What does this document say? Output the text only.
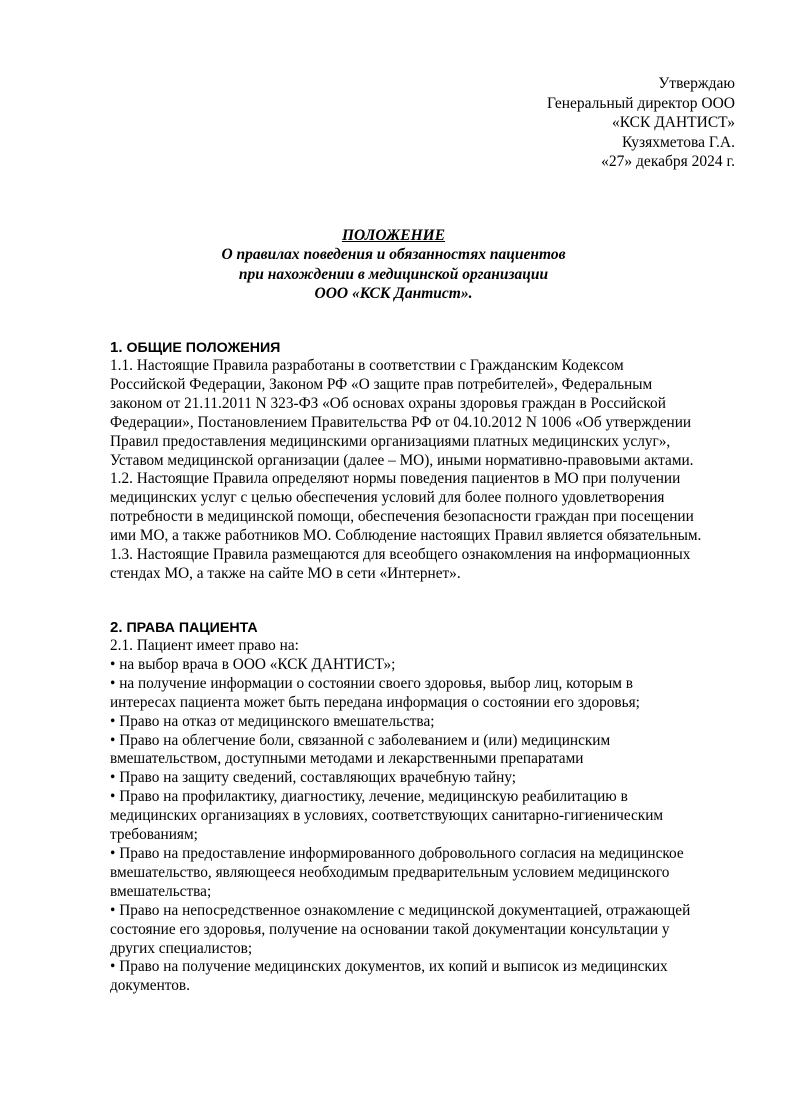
Утверждаю
Генеральный директор ООО
«КСК ДАНТИСТ»
Кузяхметова Г.А.
«27» декабря 2024 г.
ПОЛОЖЕНИЕ
О правилах поведения и обязанностях пациентов
при нахождении в медицинской организации
ООО «КСК Дантист».
1. ОБЩИЕ ПОЛОЖЕНИЯ
1.1. Настоящие Правила разработаны в соответствии с Гражданским Кодексом
Российской Федерации, Законом РФ «О защите прав потребителей», Федеральным
законом от 21.11.2011 N 323-ФЗ «Об основах охраны здоровья граждан в Российской
Федерации», Постановлением Правительства РФ от 04.10.2012 N 1006 «Об утверждении
Правил предоставления медицинскими организациями платных медицинских услуг»,
Уставом медицинской организации (далее – МО), иными нормативно-правовыми актами.
1.2. Настоящие Правила определяют нормы поведения пациентов в МО при получении
медицинских услуг с целью обеспечения условий для более полного удовлетворения
потребности в медицинской помощи, обеспечения безопасности граждан при посещении
ими МО, а также работников МО. Соблюдение настоящих Правил является обязательным.
1.3. Настоящие Правила размещаются для всеобщего ознакомления на информационных
стендах МО, а также на сайте МО в сети «Интернет».
2. ПРАВА ПАЦИЕНТА
2.1. Пациент имеет право на:
• на выбор врача в ООО «КСК ДАНТИСТ»;
• на получение информации о состоянии своего здоровья, выбор лиц, которым в
интересах пациента может быть передана информация о состоянии его здоровья;
• Право на отказ от медицинского вмешательства;
• Право на облегчение боли, связанной с заболеванием и (или) медицинским
вмешательством, доступными методами и лекарственными препаратами
• Право на защиту сведений, составляющих врачебную тайну;
• Право на профилактику, диагностику, лечение, медицинскую реабилитацию в
медицинских организациях в условиях, соответствующих санитарно-гигиеническим
требованиям;
• Право на предоставление информированного добровольного согласия на медицинское
вмешательство, являющееся необходимым предварительным условием медицинского
вмешательства;
• Право на непосредственное ознакомление с медицинской документацией, отражающей
состояние его здоровья, получение на основании такой документации консультации у
других специалистов;
• Право на получение медицинских документов, их копий и выписок из медицинских
документов.
